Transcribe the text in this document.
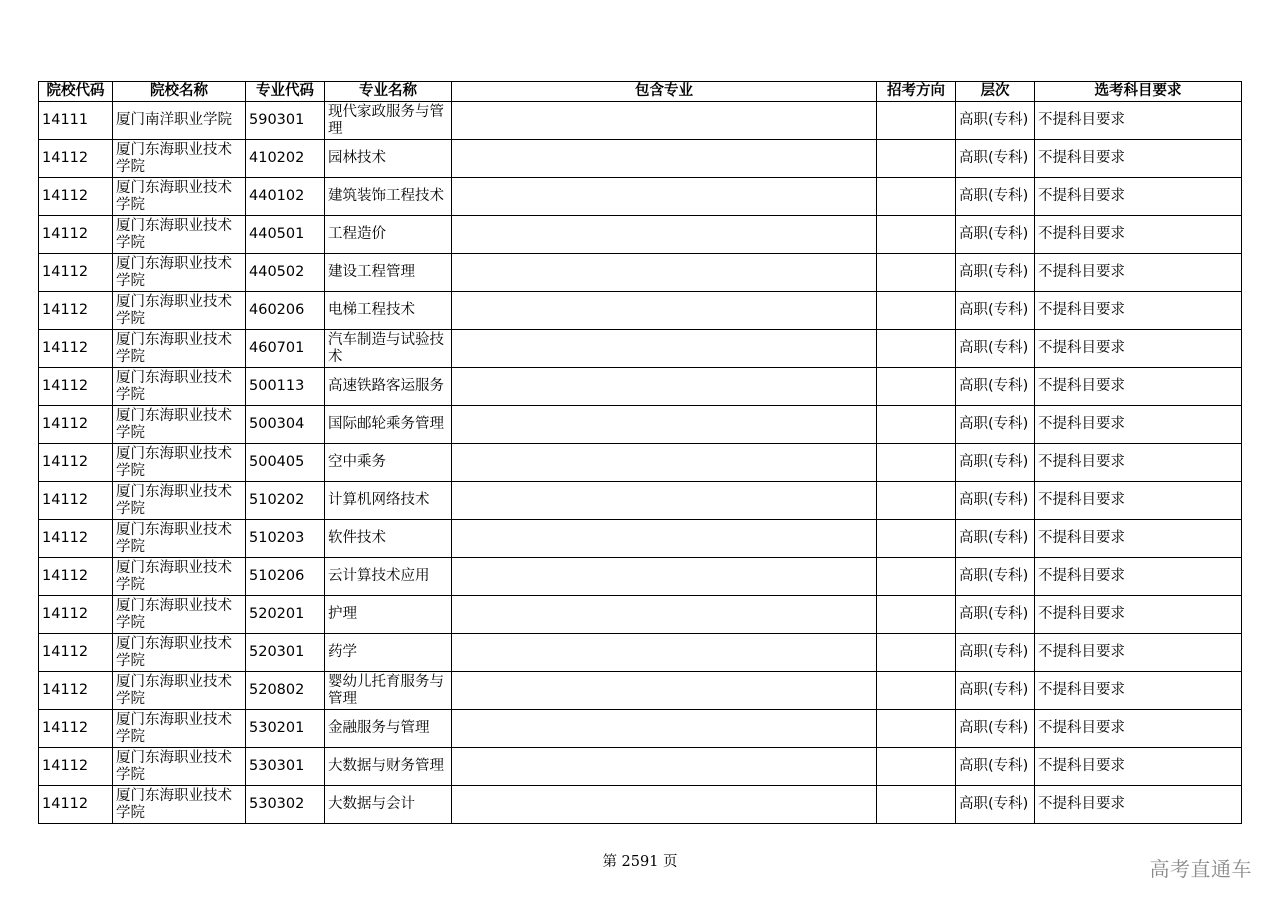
院校代码	院校名称	专业代码	专业名称	包含专业	招考方向	层次	选考科目要求
14111	厦门南洋职业学院	590301	现代家政服务与管理			高职(专科)	不提科目要求
14112	厦门东海职业技术学院	410202	园林技术			高职(专科)	不提科目要求
14112	厦门东海职业技术学院	440102	建筑装饰工程技术			高职(专科)	不提科目要求
14112	厦门东海职业技术学院	440501	工程造价			高职(专科)	不提科目要求
14112	厦门东海职业技术学院	440502	建设工程管理			高职(专科)	不提科目要求
14112	厦门东海职业技术学院	460206	电梯工程技术			高职(专科)	不提科目要求
14112	厦门东海职业技术学院	460701	汽车制造与试验技术			高职(专科)	不提科目要求
14112	厦门东海职业技术学院	500113	高速铁路客运服务			高职(专科)	不提科目要求
14112	厦门东海职业技术学院	500304	国际邮轮乘务管理			高职(专科)	不提科目要求
14112	厦门东海职业技术学院	500405	空中乘务			高职(专科)	不提科目要求
14112	厦门东海职业技术学院	510202	计算机网络技术			高职(专科)	不提科目要求
14112	厦门东海职业技术学院	510203	软件技术			高职(专科)	不提科目要求
14112	厦门东海职业技术学院	510206	云计算技术应用			高职(专科)	不提科目要求
14112	厦门东海职业技术学院	520201	护理			高职(专科)	不提科目要求
14112	厦门东海职业技术学院	520301	药学			高职(专科)	不提科目要求
14112	厦门东海职业技术学院	520802	婴幼儿托育服务与管理			高职(专科)	不提科目要求
14112	厦门东海职业技术学院	530201	金融服务与管理			高职(专科)	不提科目要求
14112	厦门东海职业技术学院	530301	大数据与财务管理			高职(专科)	不提科目要求
14112	厦门东海职业技术学院	530302	大数据与会计			高职(专科)	不提科目要求
第 2591 页	高考直通车
